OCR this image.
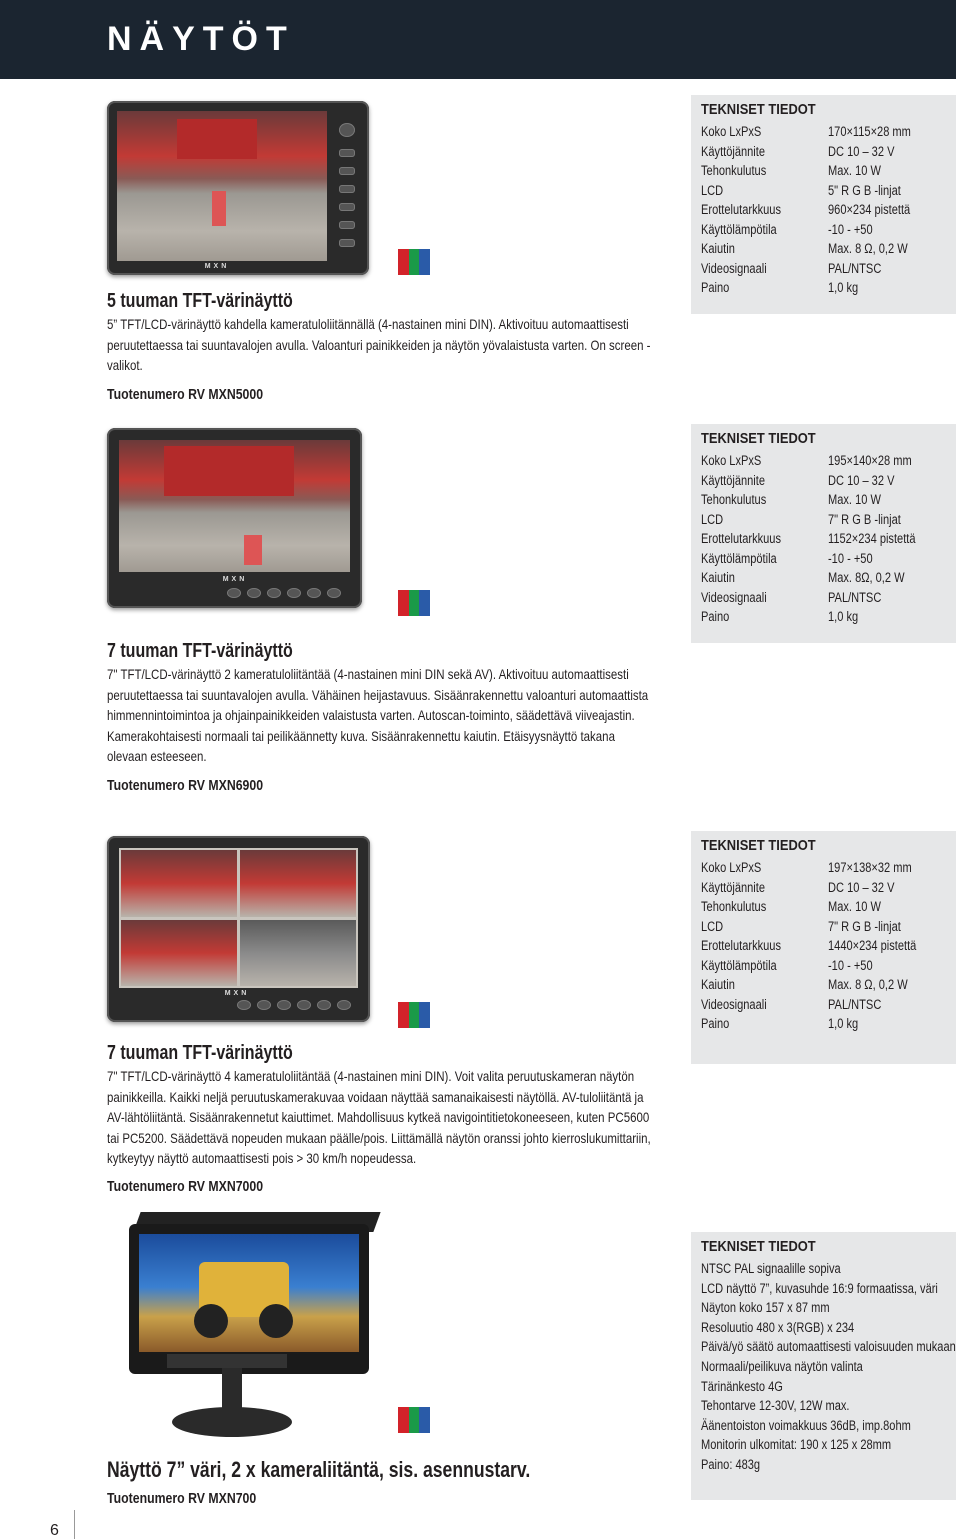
NÄYTÖT
MXN
5 tuuman TFT-värinäyttö
5” TFT/LCD-värinäyttö kahdella kameratuloliitännällä (4-nastainen mini DIN). Aktivoituu automaattisesti peruutettaessa tai suuntavalojen avulla. Valoanturi painikkeiden ja näytön yövalaistusta varten. On screen -valikot.
Tuotenumero RV MXN5000
TEKNISET TIEDOT
Koko LxPxS	170×115×28 mm
Käyttöjännite	DC 10 – 32 V
Tehonkulutus	Max. 10 W
LCD	5" R G B -linjat
Erottelutarkkuus	960×234 pistettä
Käyttölämpötila	-10 - +50
Kaiutin	Max. 8 Ω, 0,2 W
Videosignaali	PAL/NTSC
Paino	1,0 kg
MXN
7 tuuman TFT-värinäyttö
7" TFT/LCD-värinäyttö 2 kameratuloliitäntää (4-nastainen mini DIN sekä AV). Aktivoituu automaattisesti peruutettaessa tai suuntavalojen avulla. Vähäinen heijastavuus. Sisäänrakennettu valoanturi automaattista himmennintoimintoa ja ohjainpainikkeiden valaistusta varten. Autoscan-toiminto, säädettävä viiveajastin. Kamerakohtaisesti normaali tai peilikäännetty kuva. Sisäänrakennettu kaiutin. Etäisyysnäyttö takana olevaan esteeseen.
Tuotenumero RV MXN6900
TEKNISET TIEDOT
Koko LxPxS	195×140×28 mm
Käyttöjännite	DC 10 – 32 V
Tehonkulutus	Max. 10 W
LCD	7" R G B -linjat
Erottelutarkkuus	1152×234 pistettä
Käyttölämpötila	-10 - +50
Kaiutin	Max. 8Ω, 0,2 W
Videosignaali	PAL/NTSC
Paino	1,0 kg
MXN
7 tuuman TFT-värinäyttö
7" TFT/LCD-värinäyttö 4 kameratuloliitäntää (4-nastainen mini DIN). Voit valita peruutuskameran näytön painikkeilla. Kaikki neljä peruutuskamerakuvaa voidaan näyttää samanaikaisesti näytöllä. AV-tuloliitäntä ja AV-lähtöliitäntä. Sisäänrakennetut kaiuttimet. Mahdollisuus kytkeä navigointitietokoneeseen, kuten PC5600 tai PC5200. Säädettävä nopeuden mukaan päälle/pois. Liittämällä näytön oranssi johto kierroslukumittariin, kytkeytyy näyttö automaattisesti pois > 30 km/h nopeudessa.
Tuotenumero RV MXN7000
TEKNISET TIEDOT
Koko LxPxS	197×138×32 mm
Käyttöjännite	DC 10 – 32 V
Tehonkulutus	Max. 10 W
LCD	7" R G B -linjat
Erottelutarkkuus	1440×234 pistettä
Käyttölämpötila	-10 - +50
Kaiutin	Max. 8 Ω, 0,2 W
Videosignaali	PAL/NTSC
Paino	1,0 kg
Näyttö 7” väri, 2 x kameraliitäntä, sis. asennustarv.
Tuotenumero RV MXN700
TEKNISET TIEDOT
NTSC PAL signaalille sopiva
LCD näyttö 7”, kuvasuhde 16:9 formaatissa, väri
Näyton koko 157 x 87 mm
Resoluutio 480 x 3(RGB) x 234
Päivä/yö säätö automaattisesti valoisuuden mukaan
Normaali/peilikuva näytön valinta
Tärinänkesto 4G
Tehontarve 12-30V, 12W max.
Äänentoiston voimakkuus 36dB, imp.8ohm
Monitorin ulkomitat: 190 x 125 x 28mm
Paino: 483g
6
